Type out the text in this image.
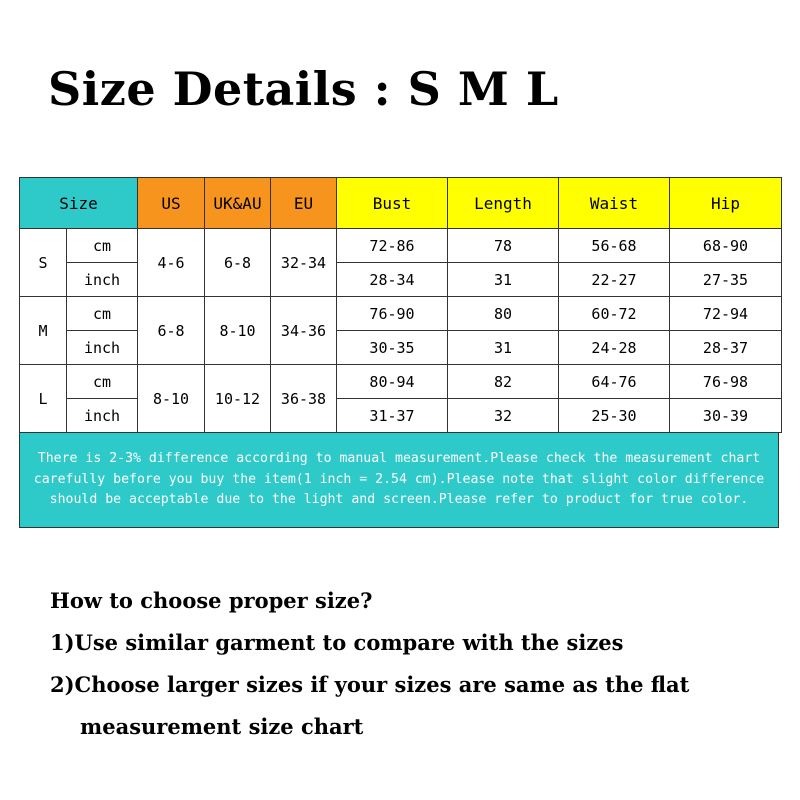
Size Details : S M L
Size		US	UK&AU	EU	Bust	Length	Waist	Hip
S	cm	4-6	6-8	32-34	72-86	78	56-68	68-90
	inch				28-34	31	22-27	27-35
M	cm	6-8	8-10	34-36	76-90	80	60-72	72-94
	inch				30-35	31	24-28	28-37
L	cm	8-10	10-12	36-38	80-94	82	64-76	76-98
	inch				31-37	32	25-30	30-39
There is 2-3% difference according to manual measurement.Please check the measurement chart carefully before you buy the item(1 inch = 2.54 cm).Please note that slight color difference should be acceptable due to the light and screen.Please refer to product for true color.
How to choose proper size?
1)Use similar garment to compare with the sizes
2)Choose larger sizes if your sizes are same as the flat
measurement size chart
